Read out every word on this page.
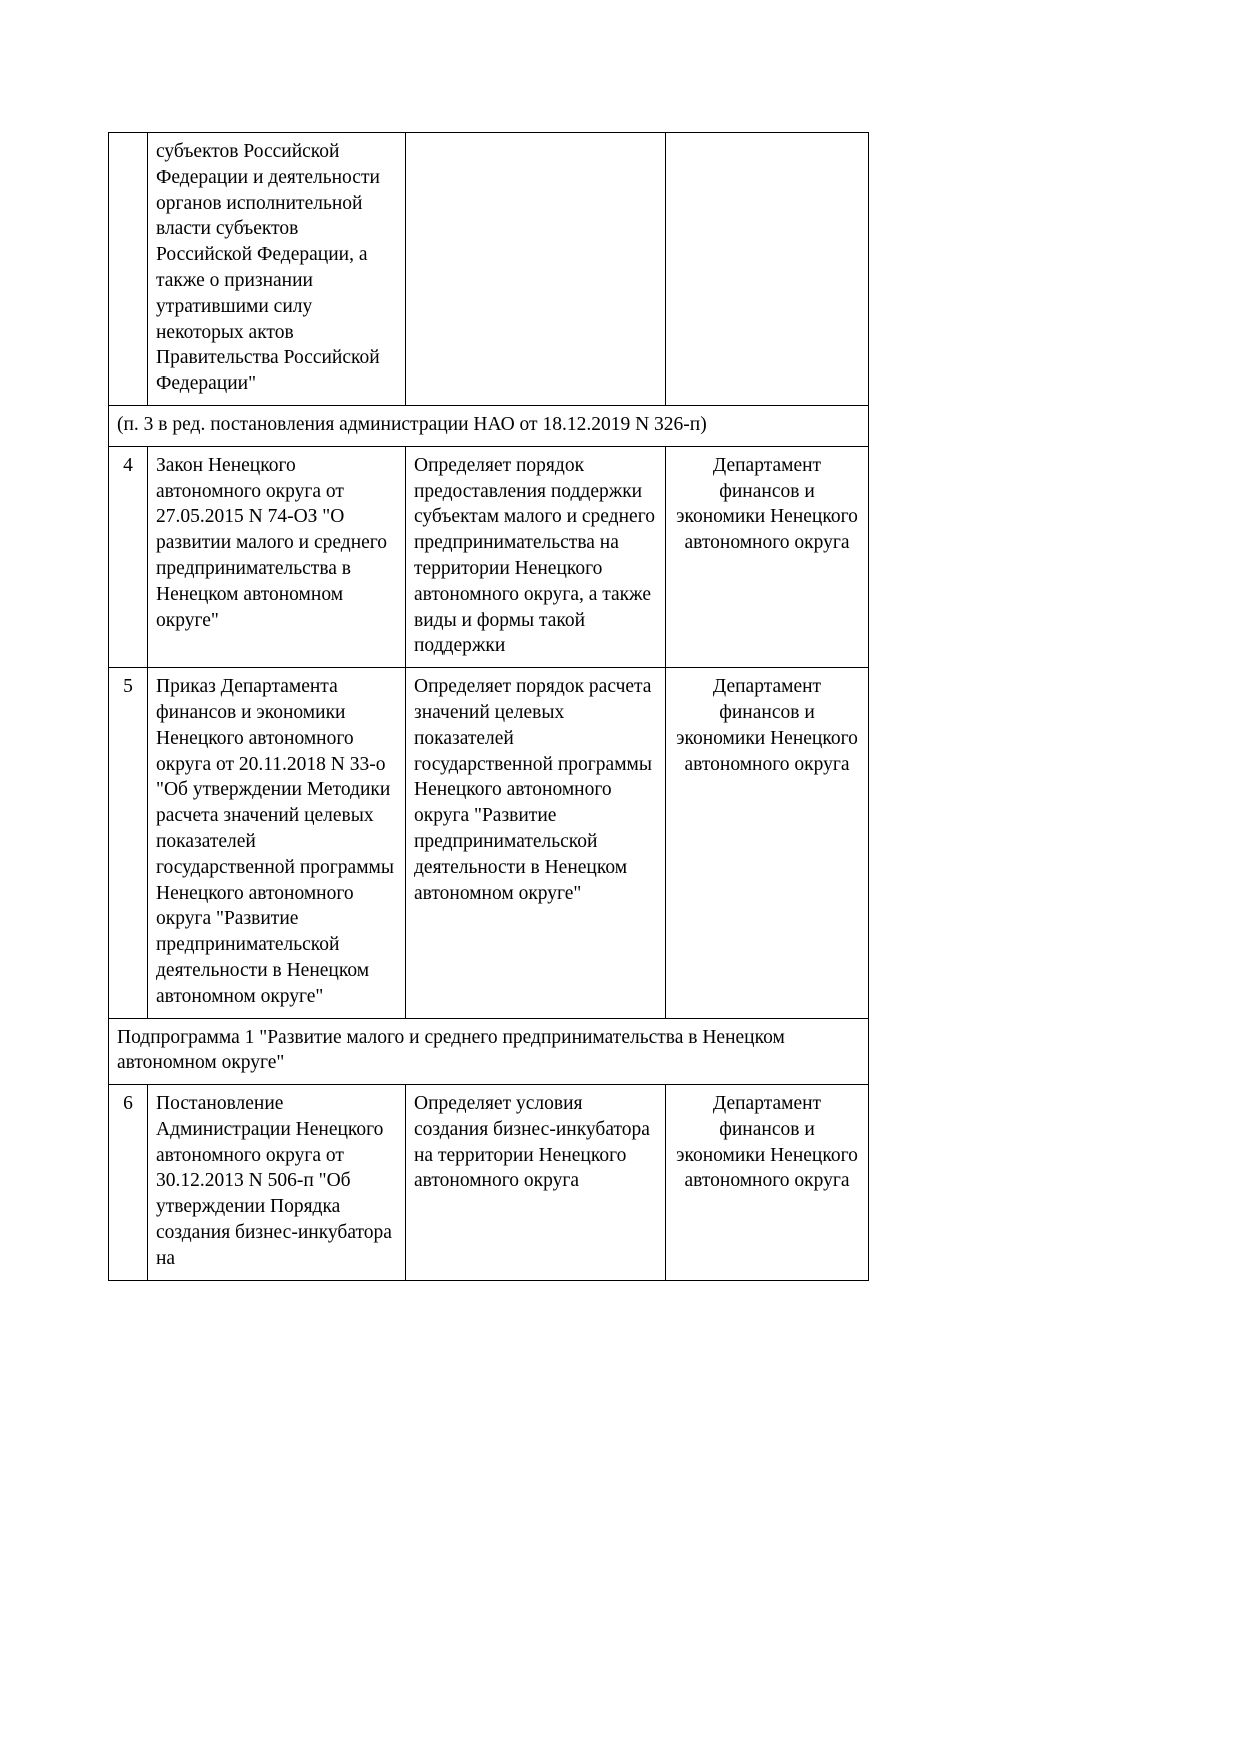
	субъектов Российской Федерации и деятельности органов исполнительной власти субъектов Российской Федерации, а также о признании утратившими силу некоторых актов Правительства Российской Федерации"		
(п. 3 в ред. постановления администрации НАО от 18.12.2019 N 326-п)			
4	Закон Ненецкого автономного округа от 27.05.2015 N 74-ОЗ "О развитии малого и среднего предпринимательства в Ненецком автономном округе"	Определяет порядок предоставления поддержки субъектам малого и среднего предпринимательства на территории Ненецкого автономного округа, а также виды и формы такой поддержки	Департамент финансов и экономики Ненецкого автономного округа
5	Приказ Департамента финансов и экономики Ненецкого автономного округа от 20.11.2018 N 33-о "Об утверждении Методики расчета значений целевых показателей государственной программы Ненецкого автономного округа "Развитие предпринимательской деятельности в Ненецком автономном округе"	Определяет порядок расчета значений целевых показателей государственной программы Ненецкого автономного округа "Развитие предпринимательской деятельности в Ненецком автономном округе"	Департамент финансов и экономики Ненецкого автономного округа
Подпрограмма 1 "Развитие малого и среднего предпринимательства в Ненецком автономном округе"			
6	Постановление Администрации Ненецкого автономного округа от 30.12.2013 N 506-п "Об утверждении Порядка создания бизнес-инкубатора на	Определяет условия создания бизнес-инкубатора на территории Ненецкого автономного округа	Департамент финансов и экономики Ненецкого автономного округа
